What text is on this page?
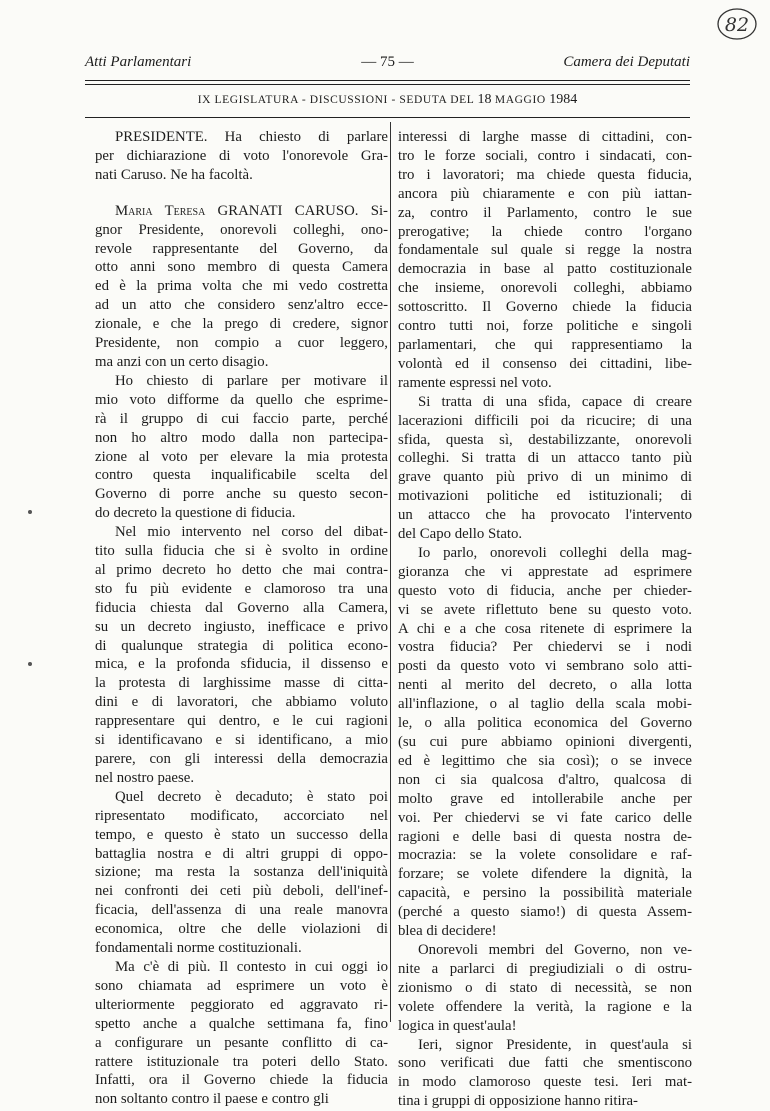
82
Atti Parlamentari	— 75 —	Camera dei Deputati
IX LEGISLATURA - DISCUSSIONI - SEDUTA DEL 18 MAGGIO 1984
PRESIDENTE. Ha chiesto di parlare
per dichiarazione di voto l'onorevole Gra-
nati Caruso. Ne ha facoltà.
Maria Teresa GRANATI CARUSO. Si-
gnor Presidente, onorevoli colleghi, ono-
revole rappresentante del Governo, da
otto anni sono membro di questa Camera
ed è la prima volta che mi vedo costretta
ad un atto che considero senz'altro ecce-
zionale, e che la prego di credere, signor
Presidente, non compio a cuor leggero,
ma anzi con un certo disagio.
Ho chiesto di parlare per motivare il
mio voto difforme da quello che esprime-
rà il gruppo di cui faccio parte, perché
non ho altro modo dalla non partecipa-
zione al voto per elevare la mia protesta
contro questa inqualificabile scelta del
Governo di porre anche su questo secon-
do decreto la questione di fiducia.
Nel mio intervento nel corso del dibat-
tito sulla fiducia che si è svolto in ordine
al primo decreto ho detto che mai contra-
sto fu più evidente e clamoroso tra una
fiducia chiesta dal Governo alla Camera,
su un decreto ingiusto, inefficace e privo
di qualunque strategia di politica econo-
mica, e la profonda sfiducia, il dissenso e
la protesta di larghissime masse di citta-
dini e di lavoratori, che abbiamo voluto
rappresentare qui dentro, e le cui ragioni
si identificavano e si identificano, a mio
parere, con gli interessi della democrazia
nel nostro paese.
Quel decreto è decaduto; è stato poi
ripresentato modificato, accorciato nel
tempo, e questo è stato un successo della
battaglia nostra e di altri gruppi di oppo-
sizione; ma resta la sostanza dell'iniquità
nei confronti dei ceti più deboli, dell'inef-
ficacia, dell'assenza di una reale manovra
economica, oltre che delle violazioni di
fondamentali norme costituzionali.
Ma c'è di più. Il contesto in cui oggi io
sono chiamata ad esprimere un voto è
ulteriormente peggiorato ed aggravato ri-
spetto anche a qualche settimana fa, fino
a configurare un pesante conflitto di ca-
rattere istituzionale tra poteri dello Stato.
Infatti, ora il Governo chiede la fiducia
non soltanto contro il paese e contro gli
interessi di larghe masse di cittadini, con-
tro le forze sociali, contro i sindacati, con-
tro i lavoratori; ma chiede questa fiducia,
ancora più chiaramente e con più iattan-
za, contro il Parlamento, contro le sue
prerogative; la chiede contro l'organo
fondamentale sul quale si regge la nostra
democrazia in base al patto costituzionale
che insieme, onorevoli colleghi, abbiamo
sottoscritto. Il Governo chiede la fiducia
contro tutti noi, forze politiche e singoli
parlamentari, che qui rappresentiamo la
volontà ed il consenso dei cittadini, libe-
ramente espressi nel voto.
Si tratta di una sfida, capace di creare
lacerazioni difficili poi da ricucire; di una
sfida, questa sì, destabilizzante, onorevoli
colleghi. Si tratta di un attacco tanto più
grave quanto più privo di un minimo di
motivazioni politiche ed istituzionali; di
un attacco che ha provocato l'intervento
del Capo dello Stato.
Io parlo, onorevoli colleghi della mag-
gioranza che vi apprestate ad esprimere
questo voto di fiducia, anche per chieder-
vi se avete riflettuto bene su questo voto.
A chi e a che cosa ritenete di esprimere la
vostra fiducia? Per chiedervi se i nodi
posti da questo voto vi sembrano solo atti-
nenti al merito del decreto, o alla lotta
all'inflazione, o al taglio della scala mobi-
le, o alla politica economica del Governo
(su cui pure abbiamo opinioni divergenti,
ed è legittimo che sia così); o se invece
non ci sia qualcosa d'altro, qualcosa di
molto grave ed intollerabile anche per
voi. Per chiedervi se vi fate carico delle
ragioni e delle basi di questa nostra de-
mocrazia: se la volete consolidare e raf-
forzare; se volete difendere la dignità, la
capacità, e persino la possibilità materiale
(perché a questo siamo!) di questa Assem-
blea di decidere!
Onorevoli membri del Governo, non ve-
nite a parlarci di pregiudiziali o di ostru-
zionismo o di stato di necessità, se non
volete offendere la verità, la ragione e la
logica in quest'aula!
Ieri, signor Presidente, in quest'aula si
sono verificati due fatti che smentiscono
in modo clamoroso queste tesi. Ieri mat-
tina i gruppi di opposizione hanno ritira-
